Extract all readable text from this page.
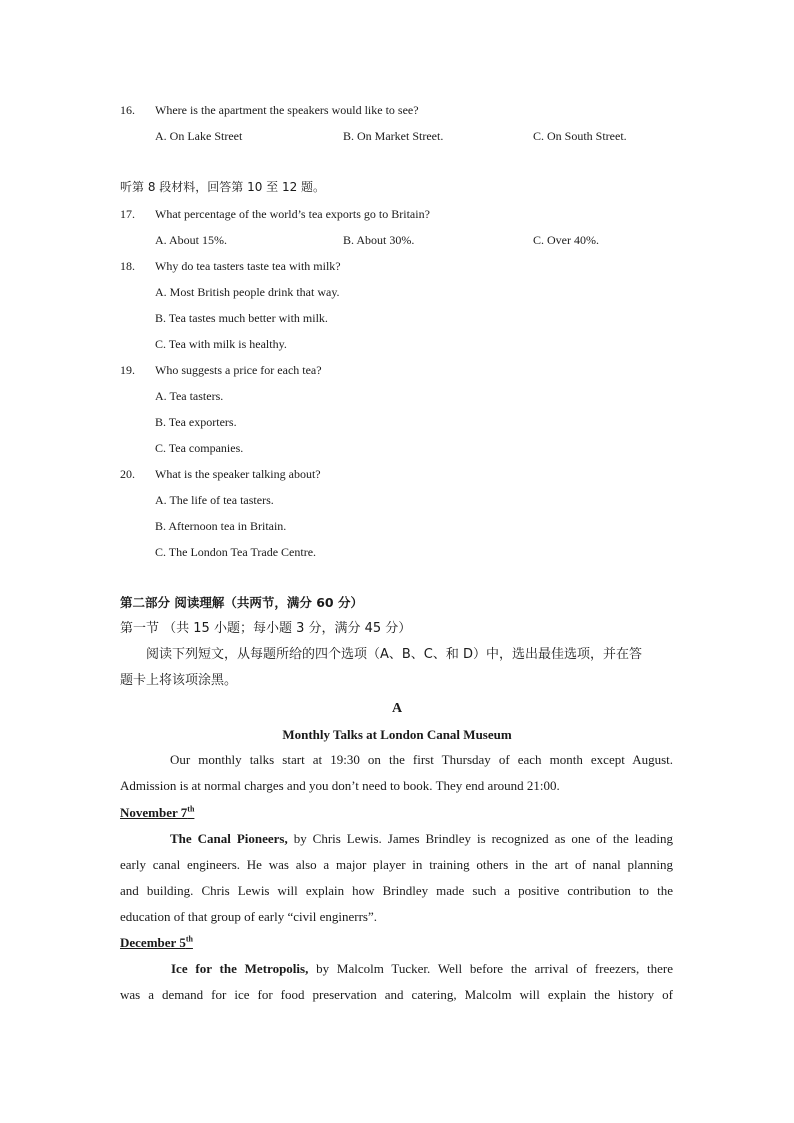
16. Where is the apartment the speakers would like to see?
A. On Lake Street	B. On Market Street.	C. On South Street.
听第 8 段材料，回答第 10 至 12 题。
17. What percentage of the world’s tea exports go to Britain?
A. About 15%.	B. About 30%.	C. Over 40%.
18. Why do tea tasters taste tea with milk?
A. Most British people drink that way.
B. Tea tastes much better with milk.
C. Tea with milk is healthy.
19. Who suggests a price for each tea?
A. Tea tasters.
B. Tea exporters.
C. Tea companies.
20. What is the speaker talking about?
A. The life of tea tasters.
B. Afternoon tea in Britain.
C. The London Tea Trade Centre.
第二部分 阅读理解（共两节，满分 60 分）
第一节 （共 15 小题；每小题 3 分，满分 45 分）
阅读下列短文，从每题所给的四个选项（A、B、C、和 D）中，选出最佳选项，并在答
题卡上将该项涂黑。
A
Monthly Talks at London Canal Museum
Our monthly talks start at 19:30 on the first Thursday of each month except August.
Admission is at normal charges and you don’t need to book. They end around 21:00.
November 7th
The Canal Pioneers, by Chris Lewis. James Brindley is recognized as one of the leading
early canal engineers. He was also a major player in training others in the art of nanal planning
and building. Chris Lewis will explain how Brindley made such a positive contribution to the
education of that group of early “civil enginerrs”.
December 5th
Ice for the Metropolis, by Malcolm Tucker. Well before the arrival of freezers, there
was a demand for ice for food preservation and catering, Malcolm will explain the history of
